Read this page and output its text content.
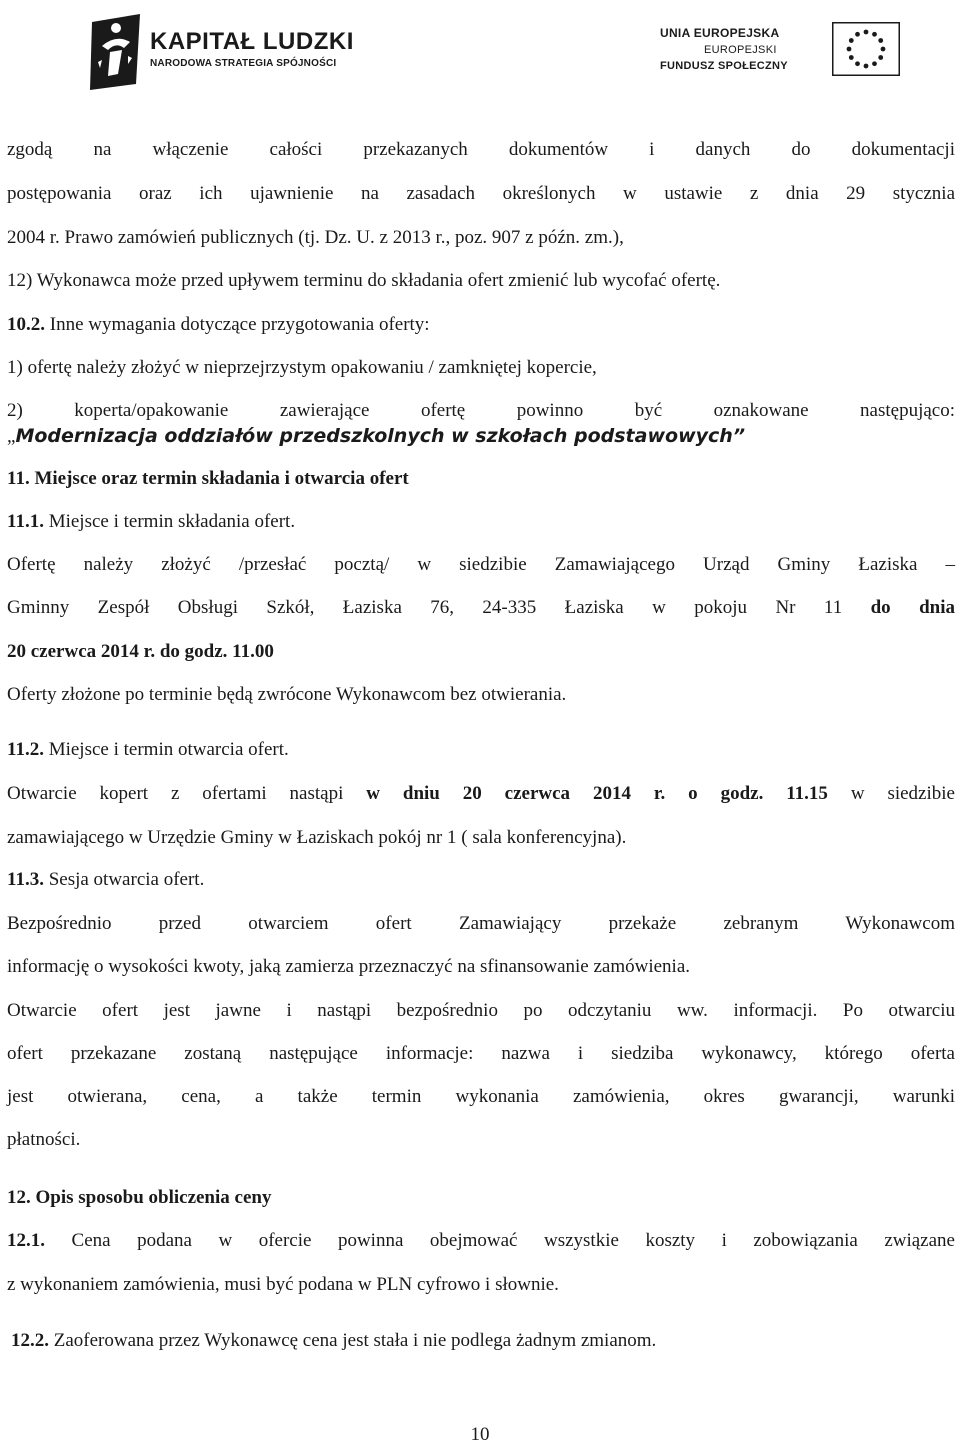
KAPITAŁ LUDZKI
NARODOWA STRATEGIA SPÓJNOŚCI
UNIA EUROPEJSKA
EUROPEJSKI
FUNDUSZ SPOŁECZNY
zgodą na włączenie całości przekazanych dokumentów i danych do dokumentacji
postępowania oraz ich ujawnienie na zasadach określonych w ustawie z dnia 29 stycznia
2004 r. Prawo zamówień publicznych (tj. Dz. U. z 2013 r., poz. 907 z późn. zm.),
12) Wykonawca może przed upływem terminu do składania ofert zmienić lub wycofać ofertę.
10.2. Inne wymagania dotyczące przygotowania oferty:
1) ofertę należy złożyć w nieprzejrzystym opakowaniu / zamkniętej kopercie,
2) koperta/opakowanie zawierające ofertę powinno być oznakowane następująco:
„Modernizacja oddziałów przedszkolnych w szkołach podstawowych”
11. Miejsce oraz termin składania i otwarcia ofert
11.1. Miejsce i termin składania ofert.
Ofertę należy złożyć /przesłać pocztą/ w siedzibie Zamawiającego Urząd Gminy Łaziska –
Gminny Zespół Obsługi Szkół, Łaziska 76, 24-335 Łaziska w pokoju Nr 11 do dnia
20 czerwca 2014 r. do godz. 11.00
Oferty złożone po terminie będą zwrócone Wykonawcom bez otwierania.
11.2. Miejsce i termin otwarcia ofert.
Otwarcie kopert z ofertami nastąpi w dniu 20 czerwca 2014 r. o godz. 11.15 w siedzibie
zamawiającego w Urzędzie Gminy w Łaziskach pokój nr 1 ( sala konferencyjna).
11.3. Sesja otwarcia ofert.
Bezpośrednio przed otwarciem ofert Zamawiający przekaże zebranym Wykonawcom
informację o wysokości kwoty, jaką zamierza przeznaczyć na sfinansowanie zamówienia.
Otwarcie ofert jest jawne i nastąpi bezpośrednio po odczytaniu ww. informacji. Po otwarciu
ofert przekazane zostaną następujące informacje: nazwa i siedziba wykonawcy, którego oferta
jest otwierana, cena, a także termin wykonania zamówienia, okres gwarancji, warunki
płatności.
12. Opis sposobu obliczenia ceny
12.1. Cena podana w ofercie powinna obejmować wszystkie koszty i zobowiązania związane
z wykonaniem zamówienia, musi być podana w PLN cyfrowo i słownie.
12.2. Zaoferowana przez Wykonawcę cena jest stała i nie podlega żadnym zmianom.
10
